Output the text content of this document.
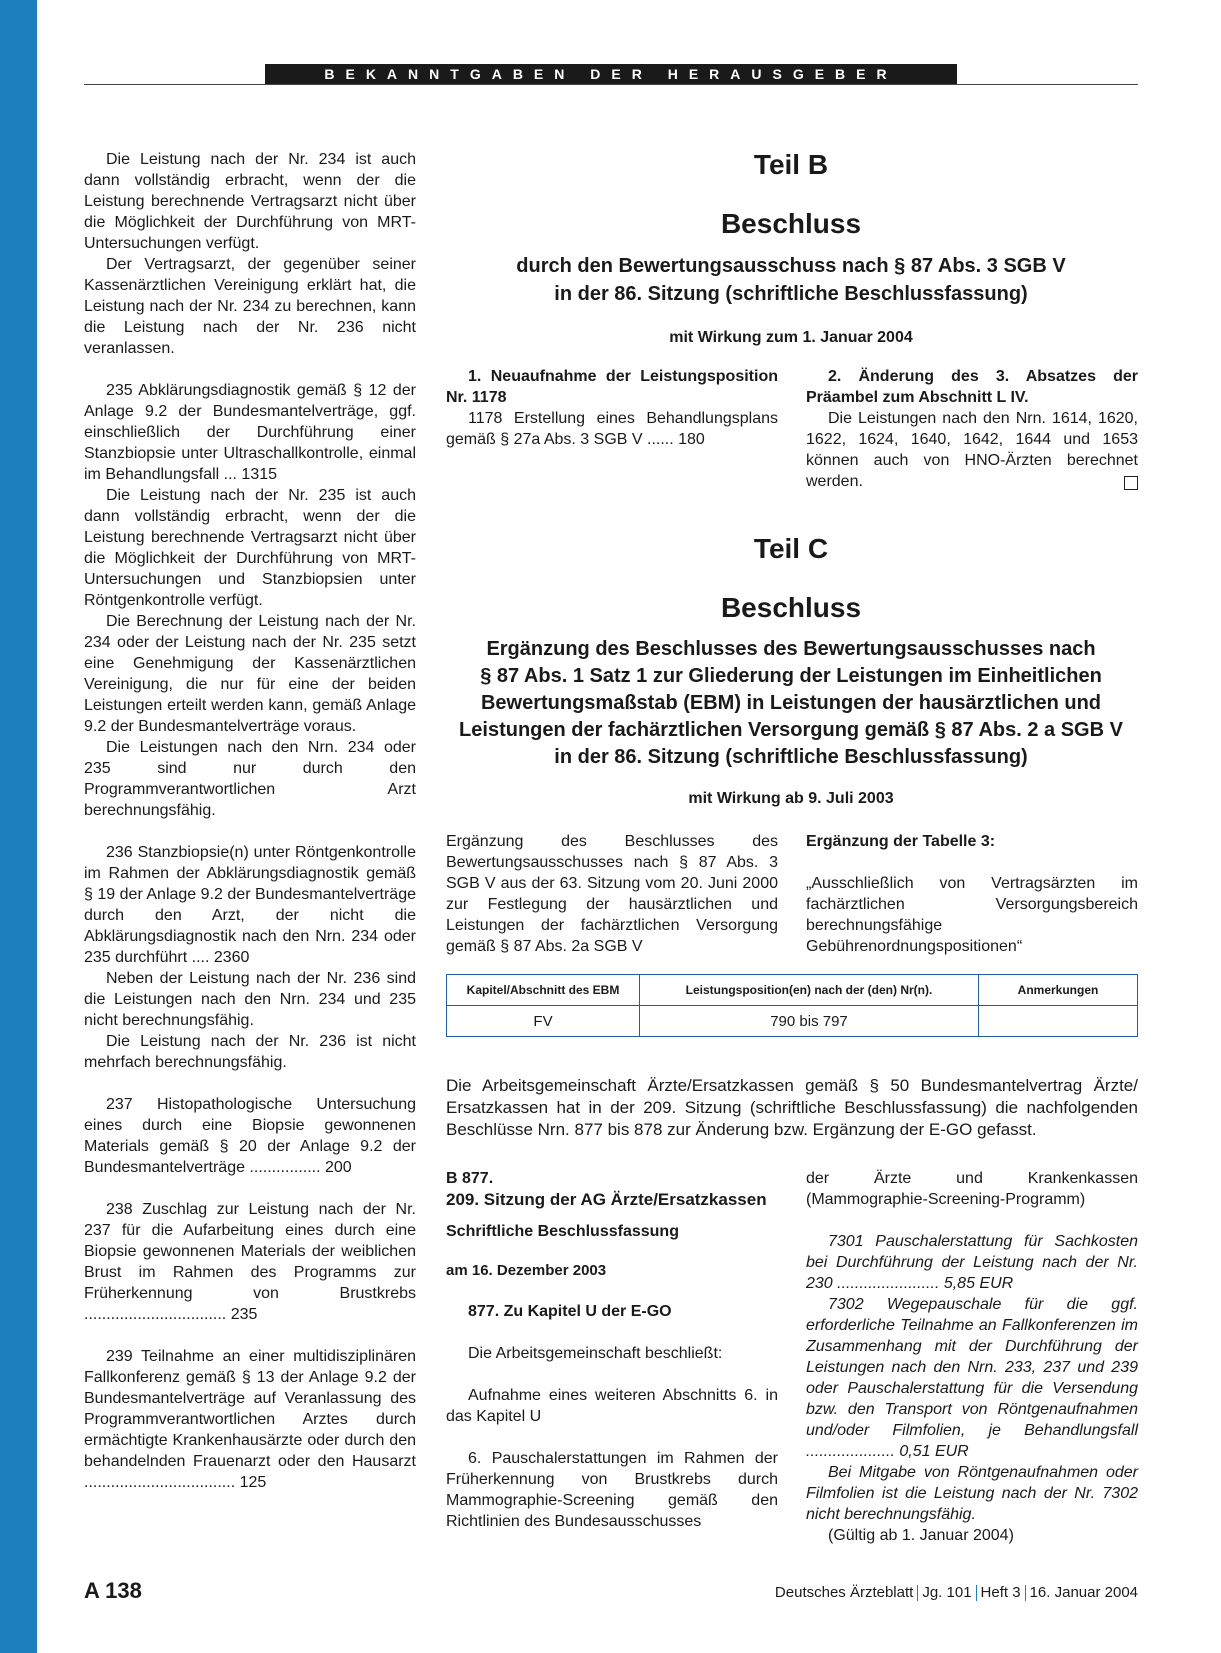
BEKANNTGABEN DER HERAUSGEBER

Die Leistung nach der Nr. 234 ist auch dann vollständig erbracht, wenn der die Leistung berechnende Vertragsarzt nicht über die Möglichkeit der Durchführung von MRT-Untersuchungen verfügt.

Der Vertragsarzt, der gegenüber seiner Kassenärztlichen Vereinigung erklärt hat, die Leistung nach der Nr. 234 zu berechnen, kann die Leistung nach der Nr. 236 nicht veranlassen.

235 Abklärungsdiagnostik gemäß § 12 der Anlage 9.2 der Bundesmantelverträge, ggf. einschließlich der Durchführung einer Stanzbiopsie unter Ultraschallkontrolle, einmal im Behandlungsfall ... 1315

Die Leistung nach der Nr. 235 ist auch dann vollständig erbracht, wenn der die Leistung berechnende Vertragsarzt nicht über die Möglichkeit der Durchführung von MRT-Untersuchungen und Stanzbiopsien unter Röntgenkontrolle verfügt.

Die Berechnung der Leistung nach der Nr. 234 oder der Leistung nach der Nr. 235 setzt eine Genehmigung der Kassenärztlichen Vereinigung, die nur für eine der beiden Leistungen erteilt werden kann, gemäß Anlage 9.2 der Bundesmantelverträge voraus.

Die Leistungen nach den Nrn. 234 oder 235 sind nur durch den Programmverantwortlichen Arzt berechnungsfähig.

236 Stanzbiopsie(n) unter Röntgenkontrolle im Rahmen der Abklärungsdiagnostik gemäß § 19 der Anlage 9.2 der Bundesmantelverträge durch den Arzt, der nicht die Abklärungsdiagnostik nach den Nrn. 234 oder 235 durchführt .... 2360

Neben der Leistung nach der Nr. 236 sind die Leistungen nach den Nrn. 234 und 235 nicht berechnungsfähig.

Die Leistung nach der Nr. 236 ist nicht mehrfach berechnungsfähig.

237 Histopathologische Untersuchung eines durch eine Biopsie gewonnenen Materials gemäß § 20 der Anlage 9.2 der Bundesmantelverträge ................ 200

238 Zuschlag zur Leistung nach der Nr. 237 für die Aufarbeitung eines durch eine Biopsie gewonnenen Materials der weiblichen Brust im Rahmen des Programms zur Früherkennung von Brustkrebs ................................ 235

239 Teilnahme an einer multidisziplinären Fallkonferenz gemäß § 13 der Anlage 9.2 der Bundesmantelverträge auf Veranlassung des Programmverantwortlichen Arztes durch ermächtigte Krankenhausärzte oder durch den behandelnden Frauenarzt oder den Hausarzt .................................. 125

Teil B
Beschluss
durch den Bewertungsausschuss nach § 87 Abs. 3 SGB V
in der 86. Sitzung (schriftliche Beschlussfassung)
mit Wirkung zum 1. Januar 2004

1. Neuaufnahme der Leistungsposition Nr. 1178

1178 Erstellung eines Behandlungsplans gemäß § 27a Abs. 3 SGB V ...... 180

2. Änderung des 3. Absatzes der Präambel zum Abschnitt L IV.

Die Leistungen nach den Nrn. 1614, 1620, 1622, 1624, 1640, 1642, 1644 und 1653 können auch von HNO-Ärzten berechnet werden.

Teil C
Beschluss
Ergänzung des Beschlusses des Bewertungsausschusses nach
§ 87 Abs. 1 Satz 1 zur Gliederung der Leistungen im Einheitlichen
Bewertungsmaßstab (EBM) in Leistungen der hausärztlichen und
Leistungen der fachärztlichen Versorgung gemäß § 87 Abs. 2 a SGB V
in der 86. Sitzung (schriftliche Beschlussfassung)
mit Wirkung ab 9. Juli 2003

Ergänzung des Beschlusses des Bewertungsausschusses nach § 87 Abs. 3 SGB V aus der 63. Sitzung vom 20. Juni 2000 zur Festlegung der hausärztlichen und Leistungen der fachärztlichen Versorgung gemäß § 87 Abs. 2a SGB V

Ergänzung der Tabelle 3:

„Ausschließlich von Vertragsärzten im fachärztlichen Versorgungsbereich berechnungsfähige Gebührenordnungspositionen“

Kapitel/Abschnitt des EBM	Leistungsposition(en) nach der (den) Nr(n).	Anmerkungen
FV	790 bis 797	
Die Arbeitsgemeinschaft Ärzte/Ersatzkassen gemäß § 50 Bundesmantelvertrag Ärzte/ Ersatzkassen hat in der 209. Sitzung (schriftliche Beschlussfassung) die nachfolgenden Beschlüsse Nrn. 877 bis 878 zur Änderung bzw. Ergänzung der E-GO gefasst.

B 877.

209. Sitzung der AG Ärzte/Ersatzkassen

Schriftliche Beschlussfassung

am 16. Dezember 2003

877. Zu Kapitel U der E-GO

Die Arbeitsgemeinschaft beschließt:

Aufnahme eines weiteren Abschnitts 6. in das Kapitel U

6. Pauschalerstattungen im Rahmen der Früherkennung von Brustkrebs durch Mammographie-Screening gemäß den Richtlinien des Bundesausschusses

der Ärzte und Krankenkassen (Mammographie-Screening-Programm)

7301 Pauschalerstattung für Sachkosten bei Durchführung der Leistung nach der Nr. 230 ....................... 5,85 EUR

7302 Wegepauschale für die ggf. erforderliche Teilnahme an Fallkonferenzen im Zusammenhang mit der Durchführung der Leistungen nach den Nrn. 233, 237 und 239 oder Pauschalerstattung für die Versendung bzw. den Transport von Röntgenaufnahmen und/oder Filmfolien, je Behandlungsfall .................... 0,51 EUR

Bei Mitgabe von Röntgenaufnahmen oder Filmfolien ist die Leistung nach der Nr. 7302 nicht berechnungsfähig.

(Gültig ab 1. Januar 2004)

A 138	Deutsches Ärzteblatt Jg. 101 Heft 3 16. Januar 2004
